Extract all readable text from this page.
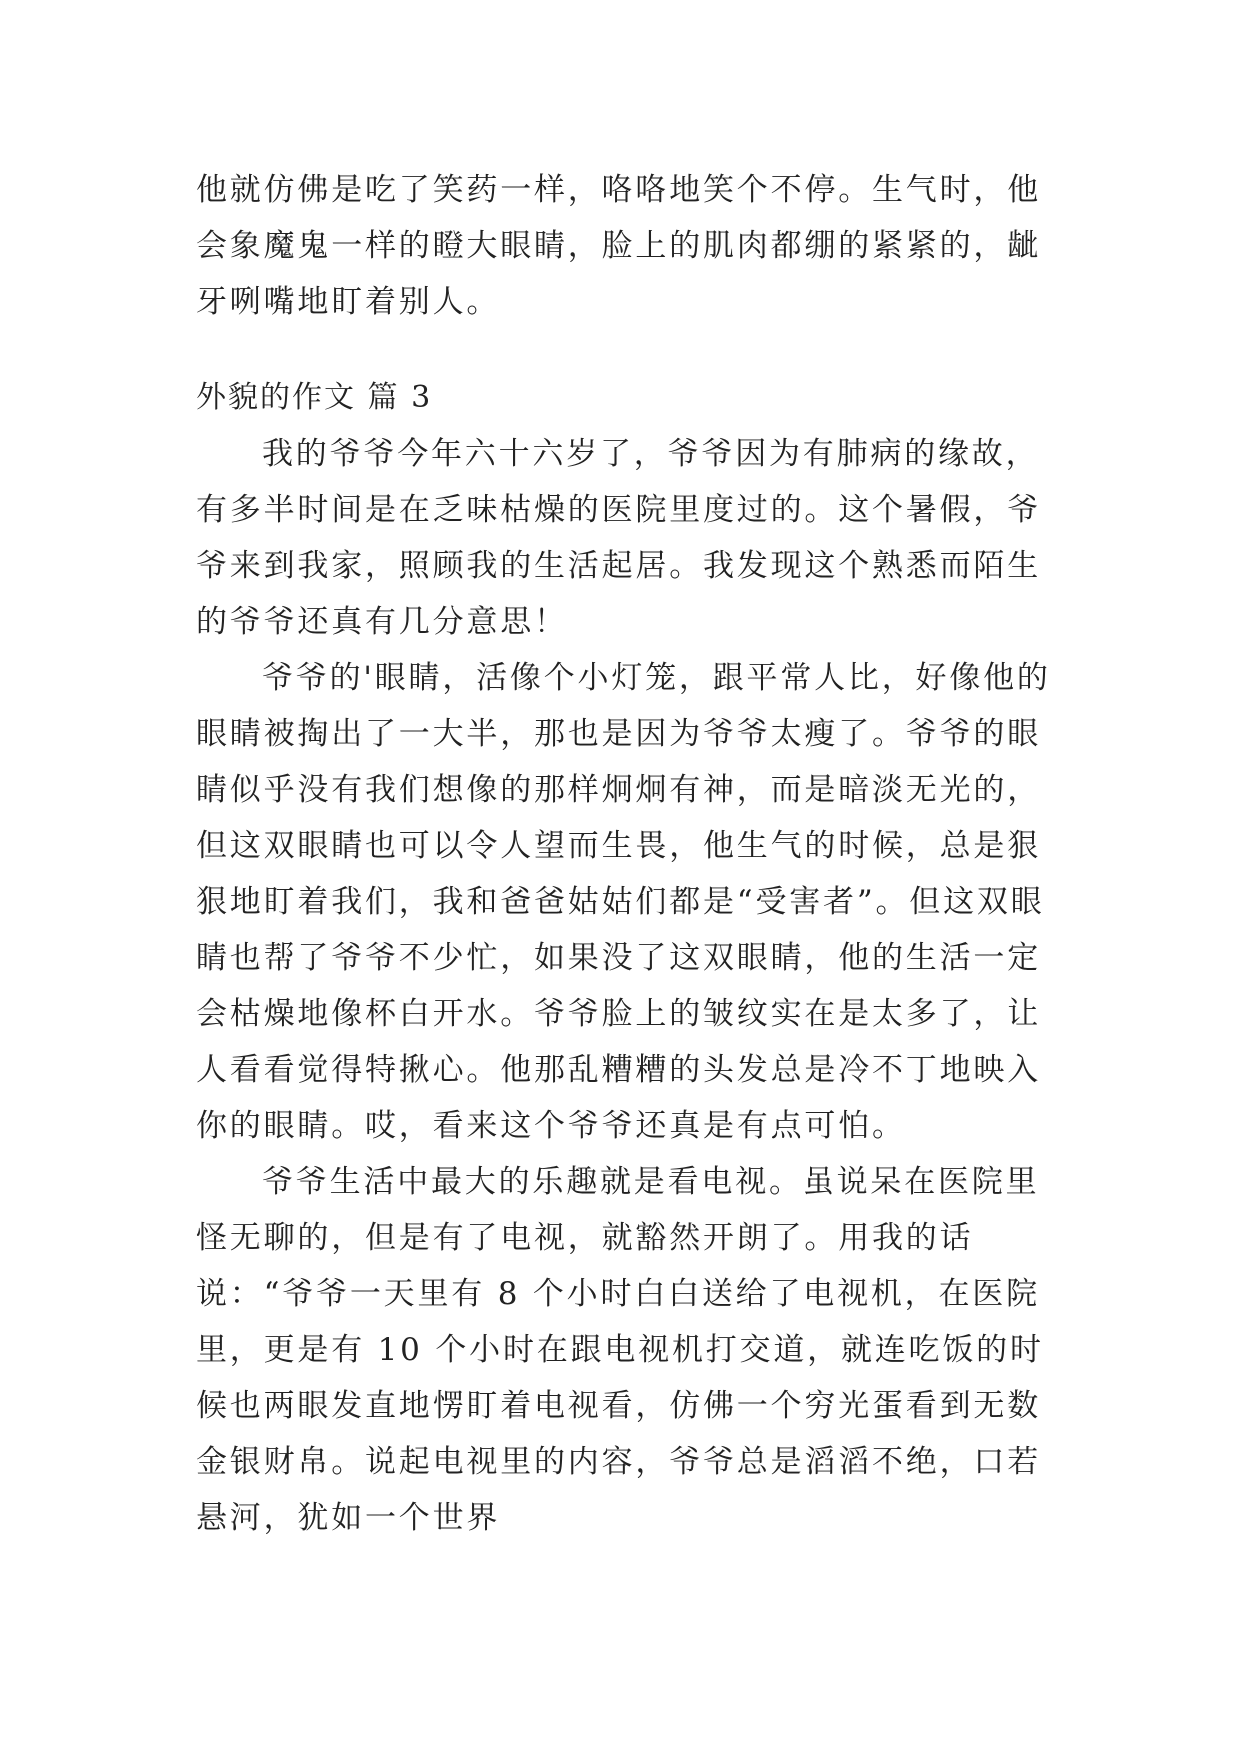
他就仿佛是吃了笑药一样，咯咯地笑个不停。生气时，他会象魔鬼一样的瞪大眼睛，脸上的肌肉都绷的紧紧的，龇牙咧嘴地盯着别人。

外貌的作文 篇 3

我的爷爷今年六十六岁了，爷爷因为有肺病的缘故，有多半时间是在乏味枯燥的医院里度过的。这个暑假，爷爷来到我家，照顾我的生活起居。我发现这个熟悉而陌生的爷爷还真有几分意思！

爷爷的'眼睛，活像个小灯笼，跟平常人比，好像他的眼睛被掏出了一大半，那也是因为爷爷太瘦了。爷爷的眼睛似乎没有我们想像的那样炯炯有神，而是暗淡无光的，但这双眼睛也可以令人望而生畏，他生气的时候，总是狠狠地盯着我们，我和爸爸姑姑们都是“受害者”。但这双眼睛也帮了爷爷不少忙，如果没了这双眼睛，他的生活一定会枯燥地像杯白开水。爷爷脸上的皱纹实在是太多了，让人看看觉得特揪心。他那乱糟糟的头发总是冷不丁地映入你的眼睛。哎，看来这个爷爷还真是有点可怕。

爷爷生活中最大的乐趣就是看电视。虽说呆在医院里怪无聊的，但是有了电视，就豁然开朗了。用我的话说：“爷爷一天里有 8 个小时白白送给了电视机，在医院里，更是有 10 个小时在跟电视机打交道，就连吃饭的时候也两眼发直地愣盯着电视看，仿佛一个穷光蛋看到无数金银财帛。说起电视里的内容，爷爷总是滔滔不绝，口若悬河，犹如一个世界
